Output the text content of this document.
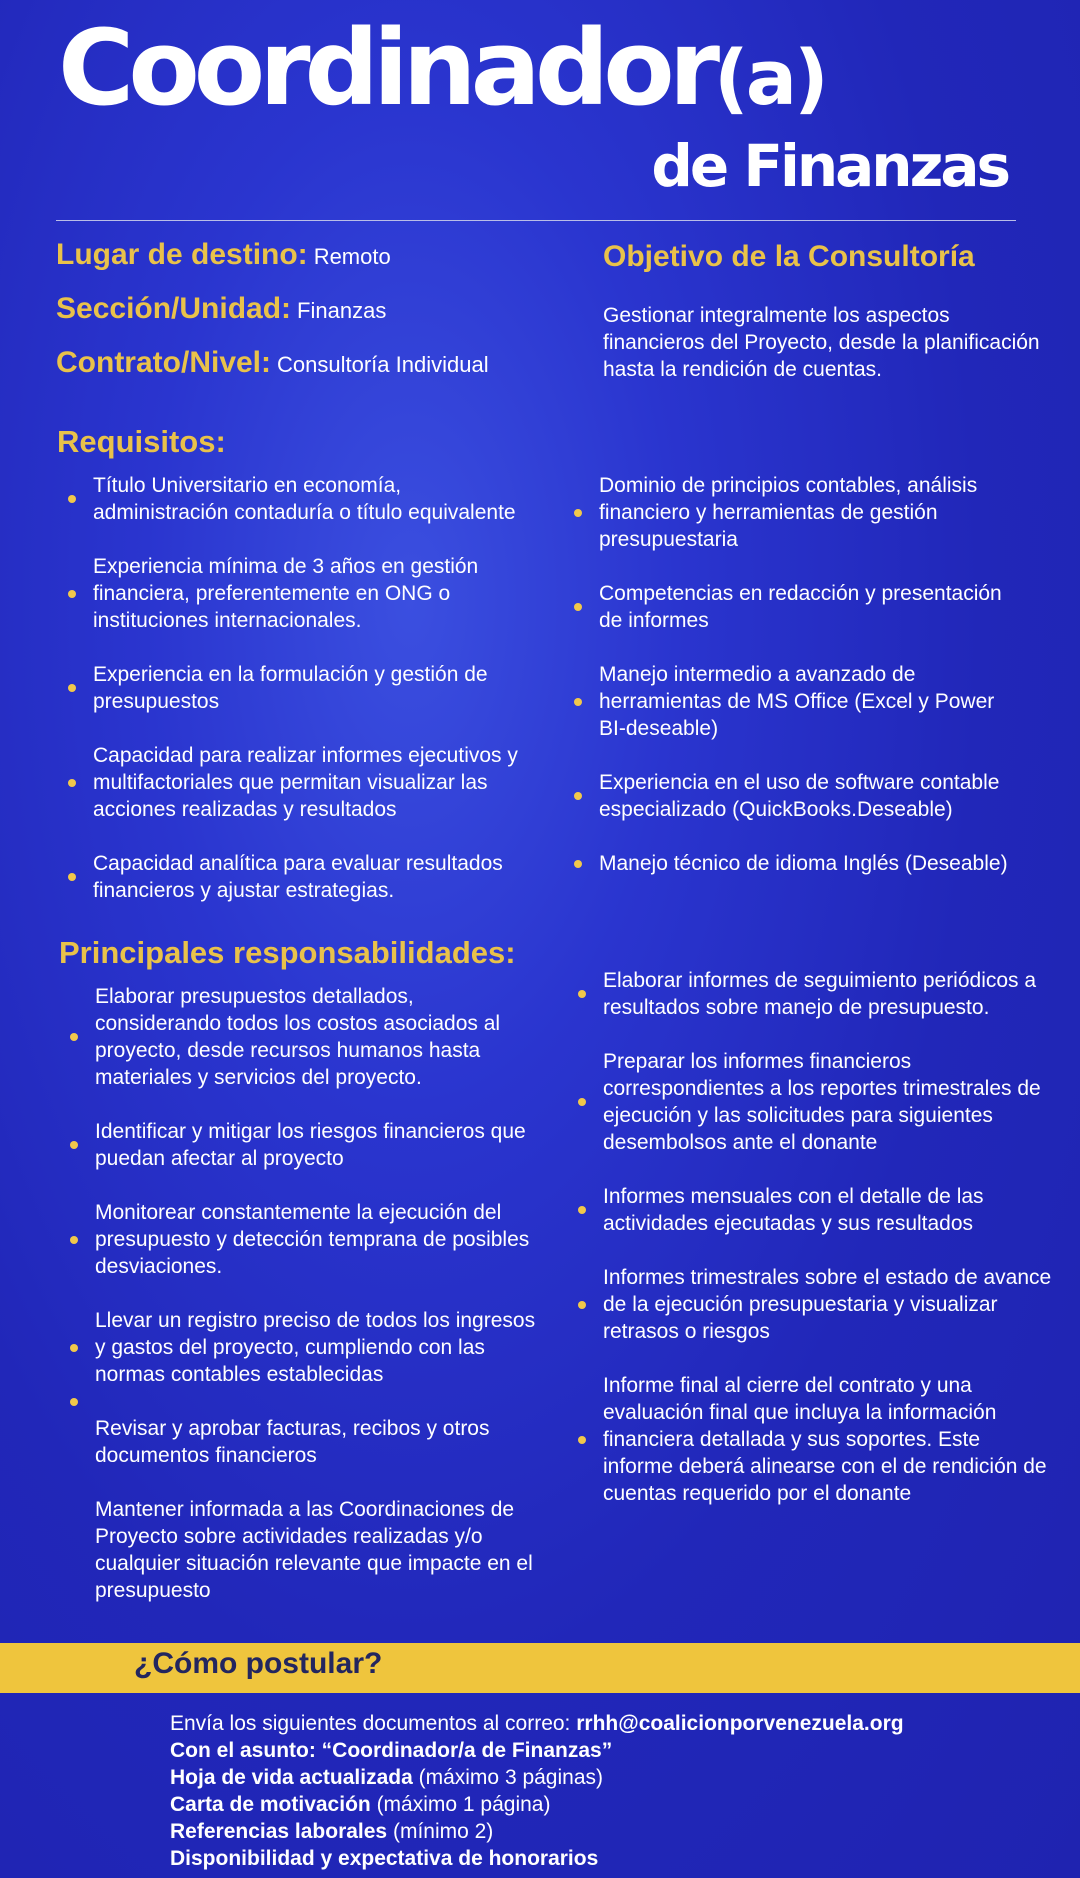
Coordinador(a)
de Finanzas
Lugar de destino: Remoto
Sección/Unidad: Finanzas
Contrato/Nivel: Consultoría Individual
Objetivo de la Consultoría

Gestionar integralmente los aspectos financieros del Proyecto, desde la planificación hasta la rendición de cuentas.

Requisitos:
Título Universitario en economía, administración contaduría o título equivalente
Experiencia mínima de 3 años en gestión financiera, preferentemente en ONG o instituciones internacionales.
Experiencia en la formulación y gestión de presupuestos
Capacidad para realizar informes ejecutivos y multifactoriales que permitan visualizar las acciones realizadas y resultados
Capacidad analítica para evaluar resultados financieros y ajustar estrategias.
Dominio de principios contables, análisis financiero y herramientas de gestión presupuestaria
Competencias en redacción y presentación de informes
Manejo intermedio a avanzado de herramientas de MS Office (Excel y Power BI-deseable)
Experiencia en el uso de software contable especializado (QuickBooks.Deseable)
Manejo técnico de idioma Inglés (Deseable)
Principales responsabilidades:
Elaborar presupuestos detallados, considerando todos los costos asociados al proyecto, desde recursos humanos hasta materiales y servicios del proyecto.
Identificar y mitigar los riesgos financieros que puedan afectar al proyecto
Monitorear constantemente la ejecución del presupuesto y detección temprana de posibles desviaciones.
Llevar un registro preciso de todos los ingresos y gastos del proyecto, cumpliendo con las normas contables establecidas
Revisar y aprobar facturas, recibos y otros documentos financieros
Mantener informada a las Coordinaciones de Proyecto sobre actividades realizadas y/o cualquier situación relevante que impacte en el presupuesto
Elaborar informes de seguimiento periódicos a resultados sobre manejo de presupuesto.
Preparar los informes financieros correspondientes a los reportes trimestrales de ejecución y las solicitudes para siguientes desembolsos ante el donante
Informes mensuales con el detalle de las actividades ejecutadas y sus resultados
Informes trimestrales sobre el estado de avance de la ejecución presupuestaria y visualizar retrasos o riesgos
Informe final al cierre del contrato y una evaluación final que incluya la información financiera detallada y sus soportes. Este informe deberá alinearse con el de rendición de cuentas requerido por el donante
¿Cómo postular?
Envía los siguientes documentos al correo: rrhh@coalicionporvenezuela.org
Con el asunto: “Coordinador/a de Finanzas”
Hoja de vida actualizada (máximo 3 páginas)
Carta de motivación (máximo 1 página)
Referencias laborales (mínimo 2)
Disponibilidad y expectativa de honorarios
